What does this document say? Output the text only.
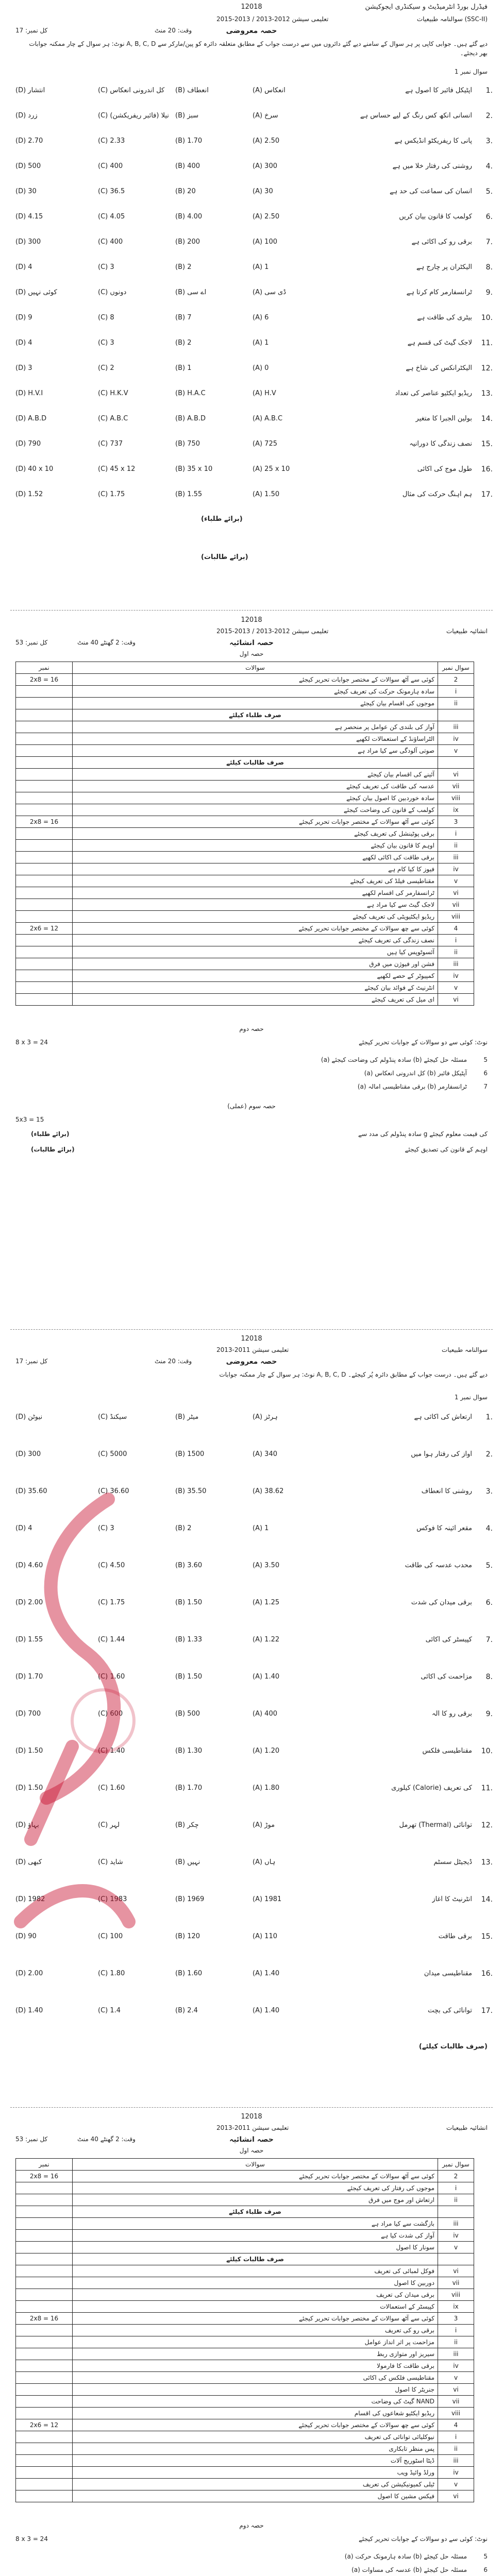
فیڈرل بورڈ انٹرمیڈیٹ و سیکنڈری ایجوکیشن
12018
سوالنامہ طبیعیات (SSC-II)
تعلیمی سیشن 2012-2013 / 2013-2015
حصہ معروضی
وقت: 20 منٹ
کل نمبر: 17
نوٹ: ہر سوال کے چار ممکنہ جوابات A, B, C, D دیے گئے ہیں۔ جوابی کاپی پر ہر سوال کے سامنے دیے گئے دائروں میں سے درست جواب کے مطابق متعلقہ دائرہ کو پین/مارکر سے بھر دیجئے۔
سوال نمبر 1
1.
آپٹیکل فائبر کا اصول ہے
(A) انعکاس
(B) انعطاف
(C) کل اندرونی انعکاس
(D) انتشار
2.
انسانی آنکھ کس رنگ کے لیے حساس ہے
(A) سرخ
(B) سبز
(C) نیلا (فائبر ریفریکشن)
(D) زرد
3.
پانی کا ریفریکٹو انڈیکس ہے
(A) 2.50
(B) 1.70
(C) 2.33
(D) 2.70
4.
روشنی کی رفتار خلا میں ہے
(A) 300
(B) 400
(C) 400
(D) 500
5.
انسان کی سماعت کی حد ہے
(A) 30
(B) 20
(C) 36.5
(D) 30
6.
کولمب کا قانون بیان کریں
(A) 2.50
(B) 4.00
(C) 4.05
(D) 4.15
7.
برقی رو کی اکائی ہے
(A) 100
(B) 200
(C) 400
(D) 300
8.
الیکٹران پر چارج ہے
(A) 1
(B) 2
(C) 3
(D) 4
9.
ٹرانسفارمر کام کرتا ہے
(A) ڈی سی
(B) اے سی
(C) دونوں
(D) کوئی نہیں
10.
بیٹری کی طاقت ہے
(A) 6
(B) 7
(C) 8
(D) 9
11.
لاجک گیٹ کی قسم ہے
(A) 1
(B) 2
(C) 3
(D) 4
12.
الیکٹرانکس کی شاخ ہے
(A) 0
(B) 1
(C) 2
(D) 3
13.
ریڈیو ایکٹیو عناصر کی تعداد
(A) H.V
(B) H.A.C
(C) H.K.V
(D) H.V.I
14.
بولین الجبرا کا متغیر
(A) A.B.C
(B) A.B.D
(C) A.B.C
(D) A.B.D
15.
نصف زندگی کا دورانیہ
(A) 725
(B) 750
(C) 737
(D) 790
16.
طول موج کی اکائی
(A) 25 x 10
(B) 35 x 10
(C) 45 x 12
(D) 40 x 10
17.
ہم آہنگ حرکت کی مثال
(A) 1.50
(B) 1.55
(C) 1.75
(D) 1.52
(برائے طلباء)
(برائے طالبات)
12018
انشائیہ طبیعیات
تعلیمی سیشن 2012-2013 / 2013-2015
حصہ انشائیہ
وقت: 2 گھنٹے 40 منٹ
کل نمبر: 53
حصہ اول
سوال نمبر	سوالات	نمبر
2	کوئی سے آٹھ سوالات کے مختصر جوابات تحریر کیجئے	2x8 = 16
i	سادہ ہارمونک حرکت کی تعریف کیجئے	
ii	موجوں کی اقسام بیان کیجئے	
	صرف طلباء کیلئے	
iii	آواز کی بلندی کن عوامل پر منحصر ہے	
iv	الٹراساؤنڈ کے استعمالات لکھیے	
v	صوتی آلودگی سے کیا مراد ہے	
	صرف طالبات کیلئے	
vi	آئینے کی اقسام بیان کیجئے	
vii	عدسہ کی طاقت کی تعریف کیجئے	
viii	سادہ خوردبین کا اصول بیان کیجئے	
ix	کولمب کے قانون کی وضاحت کیجئے	
3	کوئی سے آٹھ سوالات کے مختصر جوابات تحریر کیجئے	2x8 = 16
i	برقی پوٹینشل کی تعریف کیجئے	
ii	اوہم کا قانون بیان کیجئے	
iii	برقی طاقت کی اکائی لکھیے	
iv	فیوز کا کیا کام ہے	
v	مقناطیسی فیلڈ کی تعریف کیجئے	
vi	ٹرانسفارمر کی اقسام لکھیے	
vii	لاجک گیٹ سے کیا مراد ہے	
viii	ریڈیو ایکٹیویٹی کی تعریف کیجئے	
4	کوئی سے چھ سوالات کے مختصر جوابات تحریر کیجئے	2x6 = 12
i	نصف زندگی کی تعریف کیجئے	
ii	آئسوٹوپس کیا ہیں	
iii	فشن اور فیوژن میں فرق	
iv	کمپیوٹر کے حصے لکھیے	
v	انٹرنیٹ کے فوائد بیان کیجئے	
vi	ای میل کی تعریف کیجئے	
حصہ دوم
نوٹ: کوئی سے دو سوالات کے جوابات تحریر کیجئے
8 x 3 = 24
5
(a) سادہ پنڈولم کی وضاحت کیجئے (b) مسئلہ حل کیجئے
6
(a) کل اندرونی انعکاس (b) آپٹیکل فائبر
7
(a) برقی مقناطیسی امالہ (b) ٹرانسفارمر
حصہ سوم (عملی)
5x3 = 15
سادہ پنڈولم کی مدد سے g کی قیمت معلوم کیجئے
(برائے طلباء)
اوہم کے قانون کی تصدیق کیجئے
(برائے طالبات)
12018
سوالنامہ طبیعیات
تعلیمی سیشن 2011-2013
حصہ معروضی
وقت: 20 منٹ
کل نمبر: 17
نوٹ: ہر سوال کے چار ممکنہ جوابات A, B, C, D دیے گئے ہیں۔ درست جواب کے مطابق دائرہ پُر کیجئے۔
سوال نمبر 1
1.
ارتعاش کی اکائی ہے
(A) ہرٹز
(B) میٹر
(C) سیکنڈ
(D) نیوٹن
2.
آواز کی رفتار ہوا میں
(A) 340
(B) 1500
(C) 5000
(D) 300
3.
روشنی کا انعطاف
(A) 38.62
(B) 35.50
(C) 36.60
(D) 35.60
4.
مقعر آئینہ کا فوکس
(A) 1
(B) 2
(C) 3
(D) 4
5.
محدب عدسہ کی طاقت
(A) 3.50
(B) 3.60
(C) 4.50
(D) 4.60
6.
برقی میدان کی شدت
(A) 1.25
(B) 1.50
(C) 1.75
(D) 2.00
7.
کپیسٹر کی اکائی
(A) 1.22
(B) 1.33
(C) 1.44
(D) 1.55
8.
مزاحمت کی اکائی
(A) 1.40
(B) 1.50
(C) 1.60
(D) 1.70
9.
برقی رو کا آلہ
(A) 400
(B) 500
(C) 600
(D) 700
10.
مقناطیسی فلکس
(A) 1.20
(B) 1.30
(C) 1.40
(D) 1.50
11.
کیلوری (Calorie) کی تعریف
(A) 1.80
(B) 1.70
(C) 1.60
(D) 1.50
12.
تھرمل (Thermal) توانائی
(A) موڑ
(B) چکر
(C) لہر
(D) بہاؤ
13.
ڈیجیٹل سسٹم
(A) ہاں
(B) نہیں
(C) شاید
(D) کبھی
14.
انٹرنیٹ کا آغاز
(A) 1981
(B) 1969
(C) 1983
(D) 1982
15.
برقی طاقت
(A) 110
(B) 120
(C) 100
(D) 90
16.
مقناطیسی میدان
(A) 1.40
(B) 1.60
(C) 1.80
(D) 2.00
17.
توانائی کی بچت
(A) 1.40
(B) 2.4
(C) 1.4
(D) 1.40
(صرف طالبات کیلئے)
12018
انشائیہ طبیعیات
تعلیمی سیشن 2011-2013
حصہ انشائیہ
وقت: 2 گھنٹے 40 منٹ
کل نمبر: 53
حصہ اول
سوال نمبر	سوالات	نمبر
2	کوئی سے آٹھ سوالات کے مختصر جوابات تحریر کیجئے	2x8 = 16
i	موجوں کی رفتار کی تعریف کیجئے	
ii	ارتعاش اور موج میں فرق	
	صرف طلباء کیلئے	
iii	بازگشت سے کیا مراد ہے	
iv	آواز کی شدت کیا ہے	
v	سونار کا اصول	
	صرف طالبات کیلئے	
vi	فوکل لمبائی کی تعریف	
vii	دوربین کا اصول	
viii	برقی میدان کی تعریف	
ix	کپیسٹر کے استعمالات	
3	کوئی سے آٹھ سوالات کے مختصر جوابات تحریر کیجئے	2x8 = 16
i	برقی رو کی تعریف	
ii	مزاحمت پر اثر انداز عوامل	
iii	سیریز اور متوازی ربط	
iv	برقی طاقت کا فارمولا	
v	مقناطیسی فلکس کی اکائی	
vi	جنریٹر کا اصول	
vii	NAND گیٹ کی وضاحت	
viii	ریڈیو ایکٹیو شعاعوں کی اقسام	
4	کوئی سے چھ سوالات کے مختصر جوابات تحریر کیجئے	2x6 = 12
i	نیوکلیائی توانائی کی تعریف	
ii	پس منظر تابکاری	
iii	ڈیٹا اسٹوریج آلات	
iv	ورلڈ وائیڈ ویب	
v	ٹیلی کمیونیکیشن کی تعریف	
vi	فیکس مشین کا اصول	
حصہ دوم
نوٹ: کوئی سے دو سوالات کے جوابات تحریر کیجئے
8 x 3 = 24
5
(a) سادہ ہارمونک حرکت (b) مسئلہ حل کیجئے
6
(a) عدسہ کی مساوات (b) مسئلہ حل کیجئے
